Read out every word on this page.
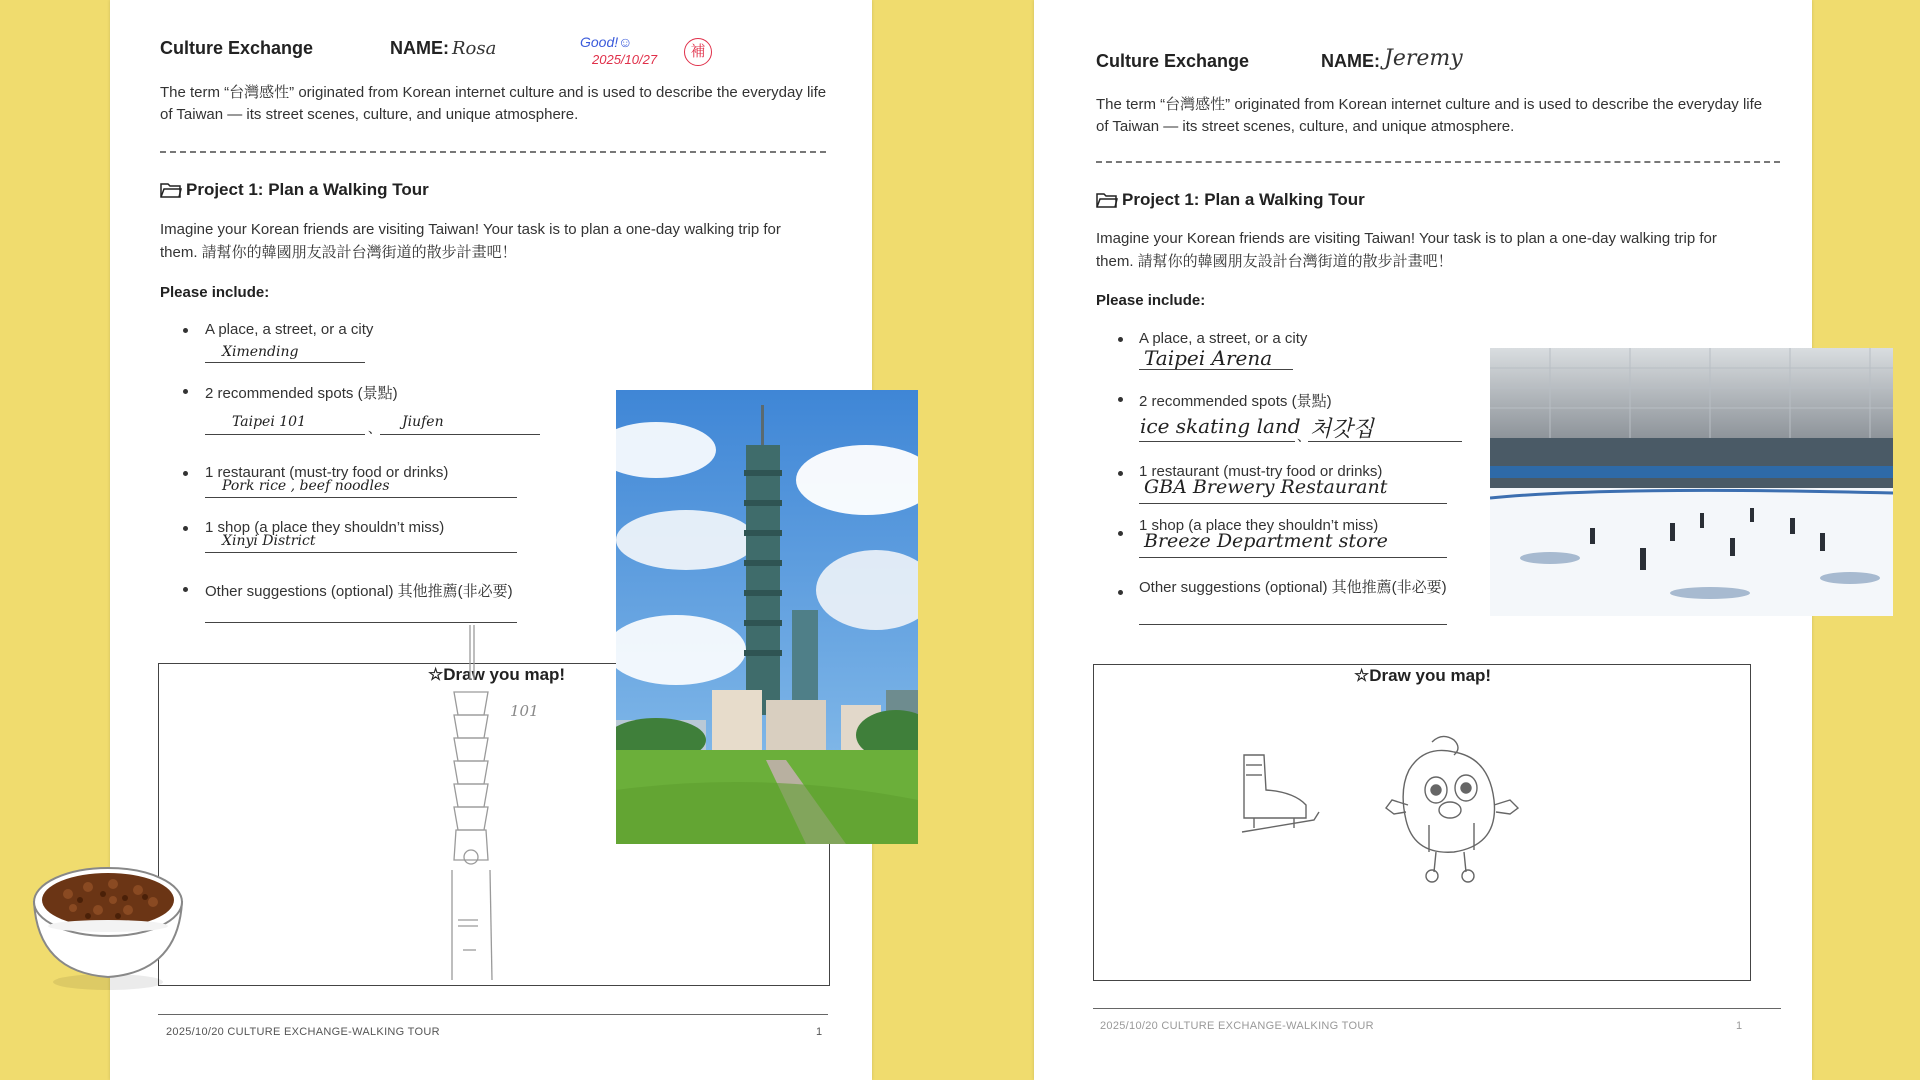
Culture Exchange	NAME: Rosa	Good!☺
2025/10/27	補
The term “台灣感性” originated from Korean internet culture and is used to describe the everyday life of Taiwan — its street scenes, culture, and unique atmosphere.
Project 1: Plan a Walking Tour
Imagine your Korean friends are visiting Taiwan! Your task is to plan a one-day walking trip for them. 請幫你的韓國朋友設計台灣街道的散步計畫吧！
Please include:
A place, a street, or a city
Ximending
2 recommended spots (景點)
Taipei 101	、 Jiufen
1 restaurant (must-try food or drinks)
Pork rice , beef noodles
1 shop (a place they shouldn’t miss)
Xinyi District
Other suggestions (optional) 其他推薦(非必要)
☆Draw you map!
101
2025/10/20 CULTURE EXCHANGE-WALKING TOUR	1
Culture Exchange	NAME: Jeremy
The term “台灣感性” originated from Korean internet culture and is used to describe the everyday life of Taiwan — its street scenes, culture, and unique atmosphere.
Project 1: Plan a Walking Tour
Imagine your Korean friends are visiting Taiwan! Your task is to plan a one-day walking trip for them. 請幫你的韓國朋友設計台灣街道的散步計畫吧！
Please include:
A place, a street, or a city
Taipei Arena
2 recommended spots (景點)
ice skating land
、 처갓집
1 restaurant (must-try food or drinks)
GBA Brewery Restaurant
1 shop (a place they shouldn’t miss)
Breeze Department store
Other suggestions (optional) 其他推薦(非必要)
☆Draw you map!
2025/10/20 CULTURE EXCHANGE-WALKING TOUR	1
